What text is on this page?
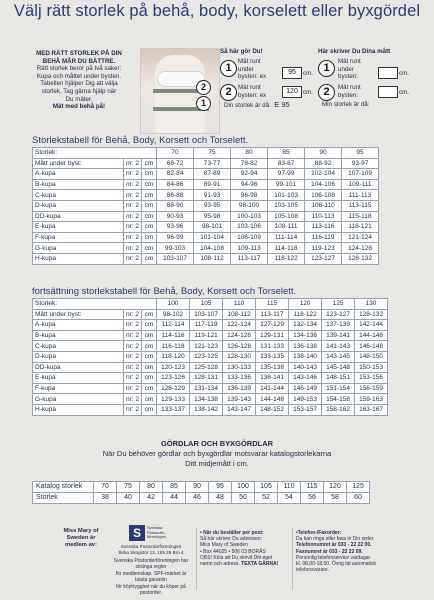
Välj rätt storlek på behå, body, korselett eller byxgördel
MED RÄTT STORLEK PÅ DIN
BEHÅ MÅR DU BÄTTRE.
Rätt storlek beror på två saker:
Kupa och måttet under bysten.
Tabellen hjälper Dig att välja
storlek. Tag gärna hjälp när
Du mäter.
Mät med behå på!
2
1
Så här gör Du!
1
Mät runt
under
bysten: ex
95	cm.
2	Mät runt
bysten: ex	120 cm.
Din storlek är då: E 95
Här skriver Du Dina mått
1
Mät runt
under
bysten:	cm.
2	Mät runt
bysten:	cm.
Min storlek är då:
Storlekstabell för Behå, Body, Korsett och Torselett.
Storlek:			70	75	80	85	90	95
Mått under byst:	nr: 2	cm	68-72	73-77	78-82	83-87	88-92	93-97
A-kupa	nr: 2	cm	82-84	87-89	92-94	97-99	102-104	107-109
B-kupa	nr: 2	cm	84-86	89-91	94-96	99-101	104-106	109-111
C-kupa	nr: 2	cm	86-88	91-93	96-98	101-103	106-108	111-113
D-kupa	nr: 2	cm	88-90	93-95	98-100	103-105	108-110	113-115
DD-kupa	nr: 2	cm	90-93	95-98	100-103	105-108	110-113	115-118
E-kupa	nr: 2	cm	93-96	98-101	103-106	108-111	113-116	118-121
F-kupa	nr: 2	cm	96-99	101-104	106-109	111-114	116-119	121-124
G-kupa	nr: 2	cm	99-103	104-108	109-113	114-118	119-123	124-128
H-kupa	nr: 2	cm	103-107	108-112	113-117	118-122	123-127	128-132
fortsättning storlekstabell för Behå, Body, Korsett och Torselett.
Storlek:			100	105	110	115	120	125	130
Mått under byst:	nr: 2	cm	98-102	103-107	108-112	113-117	118-122	123-127	128-132
A-kupa	nr: 2	cm	112-114	117-119	122-124	127-129	132-134	137-139	142-144
B-kupa	nr: 2	cm	114-116	119-121	124-126	129-131	134-136	139-141	144-146
C-kupa	nr: 2	cm	116-118	121-123	126-128	131-133	136-138	141-143	146-148
D-kupa	nr: 2	cm	118-120	123-125	128-130	133-135	138-140	143-145	148-150
DD-kupa	nr: 2	cm	120-123	125-128	130-133	135-138	140-143	145-148	150-153
E-kupa	nr: 2	cm	123-126	128-131	133-136	138-141	143-146	148-151	153-156
F-kupa	nr: 2	cm	126-129	131-134	136-139	141-144	146-149	151-154	156-159
G-kupa	nr: 2	cm	129-133	134-138	139-143	144-148	149-153	154-158	159-163
H-kupa	nr: 2	cm	133-137	138-142	143-147	148-152	153-157	158-162	163-167
GÖRDLAR OCH BYXGÖRDLAR
När Du behöver gördlar och byxgördlar motsvarar katalogstorlekarna
Ditt midjemått i cm.
Katalog storlek	70	75	80	85	90	95	100	105	110	115	120	125
Storlek	38	40	42	44	46	48	50	52	54	56	58	60
Miss Mary of
Sweden är
medlem av:
S	Svenska
Postorder-
föreningen
Svenska Postorderföreningen
Birka Skogstor 13, 165 29 Bro 4
Svenska Postorderföreningen har stränga regler
för medlemskap. SPF-märket är bästa garantin
för köptrygghet när du köper på postorder.
• När du beställer per post:
Så här skriver Du adressen:
Miss Mary of Sweden
• Box 44025 • 506 03 BORÅS
OBS! Köla att Du skrivit Ditt eget
namn och adress. TEXTA GÄRNA!
•Telefon-/Faxorder:
Du kan ringa eller faxa in Din order.
Telefonnumret är 033 - 22 22 00.
Faxnumret är 033 - 22 22 09.
Personlig telefonservice vardagar
kl. 08.00-18.00. Övrig tid automatisk
telefonsvarare.
